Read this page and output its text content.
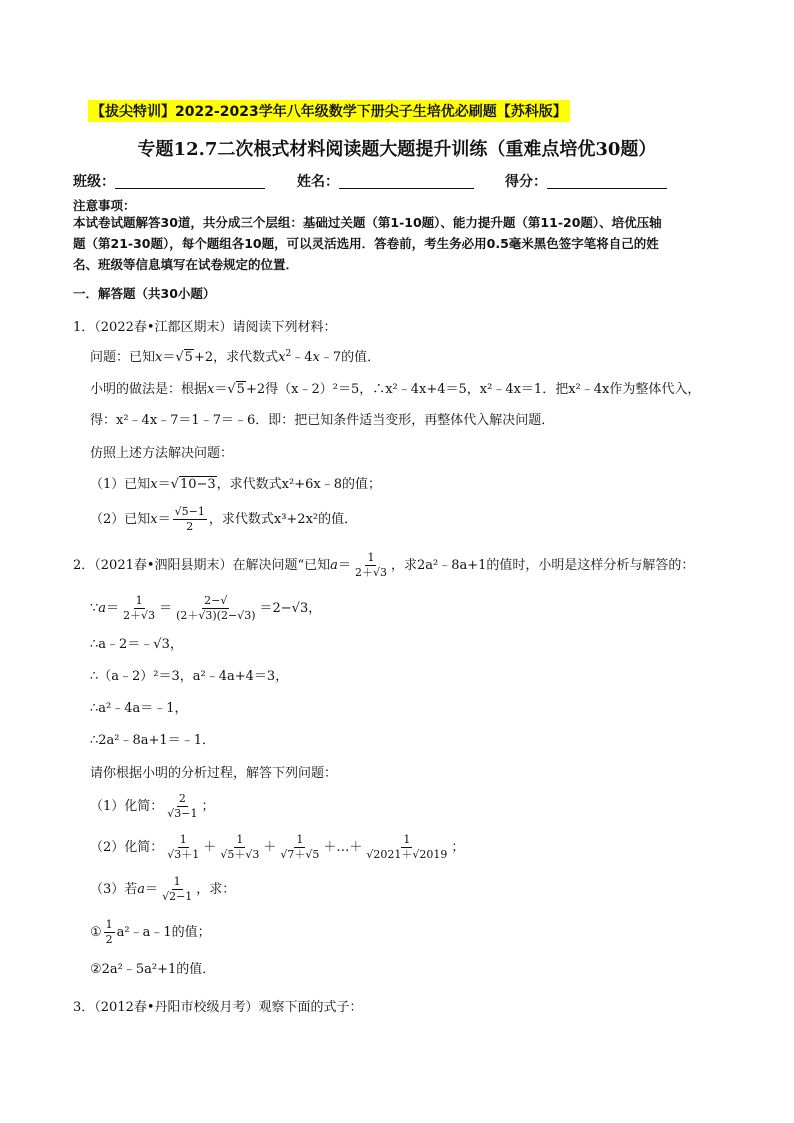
【拔尖特训】2022-2023学年八年级数学下册尖子生培优必刷题【苏科版】
专题12.7二次根式材料阅读题大题提升训练（重难点培优30题）
班级：	姓名：	得分：
注意事项：
本试卷试题解答30道，共分成三个层组：基础过关题（第1-10题）、能力提升题（第11-20题）、培优压轴
题（第21-30题），每个题组各10题，可以灵活选用．答卷前，考生务必用0.5毫米黑色签字笔将自己的姓
名、班级等信息填写在试卷规定的位置．
一．解答题（共30小题）
1．（2022春•江都区期末）请阅读下列材料：
问题：已知x＝√5+2，求代数式$x^2﹣4x﹣7$的值．
小明的做法是：根据x＝√5+2得（x﹣2）²＝5，∴x²﹣4x+4＝5，x²﹣4x＝1．把x²﹣4x作为整体代入，
得：x²﹣4x﹣7＝1﹣7＝﹣6．即：把已知条件适当变形，再整体代入解决问题．
仿照上述方法解决问题：
（1）已知x＝√10−3，求代数式x²+6x﹣8的值；
（2）已知$x= \frac{√5-1}{2}$ ，求代数式x³+2x²的值．
2．（2021春•泗阳县期末）在解决问题“已知$a= \frac{1}{2+√3}$ ，求2a²﹣8a+1的值时，小明是这样分析与解答的：
∵a＝ $\frac{1}{2+√3} = \frac{2-√}{(2+√3)(2-√3)} =2-√3$，
∴a﹣2＝﹣√3，
∴（a﹣2）²＝3，a²﹣4a+4＝3，
∴a²﹣4a＝﹣1，
∴2a²﹣8a+1＝﹣1．
请你根据小明的分析过程，解答下列问题：
（1）化简： $\frac{2}{√3-1}$ ；
（2）化简： $\frac{1}{√3+1} + \frac{1}{√5+√3} + \frac{1}{√7+√5}$ ＋…＋ $\frac{1}{√2021+√2019}$ ；
（3）若$a= \frac{1}{√2-1}$ ，求：
① $\frac{1}{2}$ a²﹣a﹣1的值；
②2a²﹣5a²+1的值．
3．（2012春•丹阳市校级月考）观察下面的式子：
